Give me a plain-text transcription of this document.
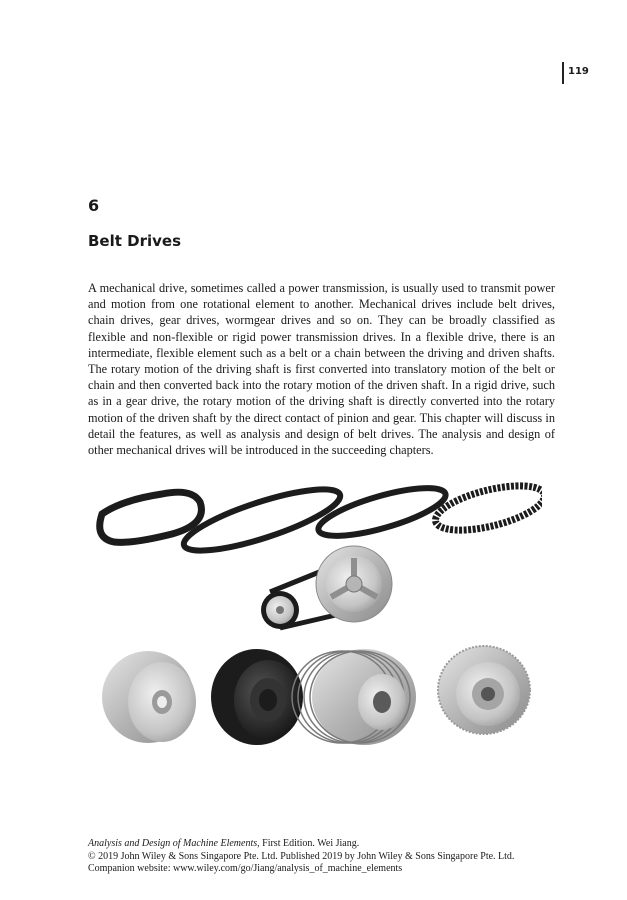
119
6
Belt Drives

A mechanical drive, sometimes called a power transmission, is usually used to transmit power and motion from one rotational element to another. Mechanical drives include belt drives, chain drives, gear drives, wormgear drives and so on. They can be broadly classified as flexible and non-flexible or rigid power transmission drives. In a flexible drive, there is an intermediate, flexible element such as a belt or a chain between the driving and driven shafts. The rotary motion of the driving shaft is first converted into translatory motion of the belt or chain and then converted back into the rotary motion of the driven shaft. In a rigid drive, such as in a gear drive, the rotary motion of the driving shaft is directly converted into the rotary motion of the driven shaft by the direct contact of pinion and gear. This chapter will discuss in detail the features, as well as analysis and design of belt drives. The analysis and design of other mechanical drives will be introduced in the succeeding chapters.

Analysis and Design of Machine Elements, First Edition. Wei Jiang.
© 2019 John Wiley & Sons Singapore Pte. Ltd. Published 2019 by John Wiley & Sons Singapore Pte. Ltd.
Companion website: www.wiley.com/go/Jiang/analysis_of_machine_elements
